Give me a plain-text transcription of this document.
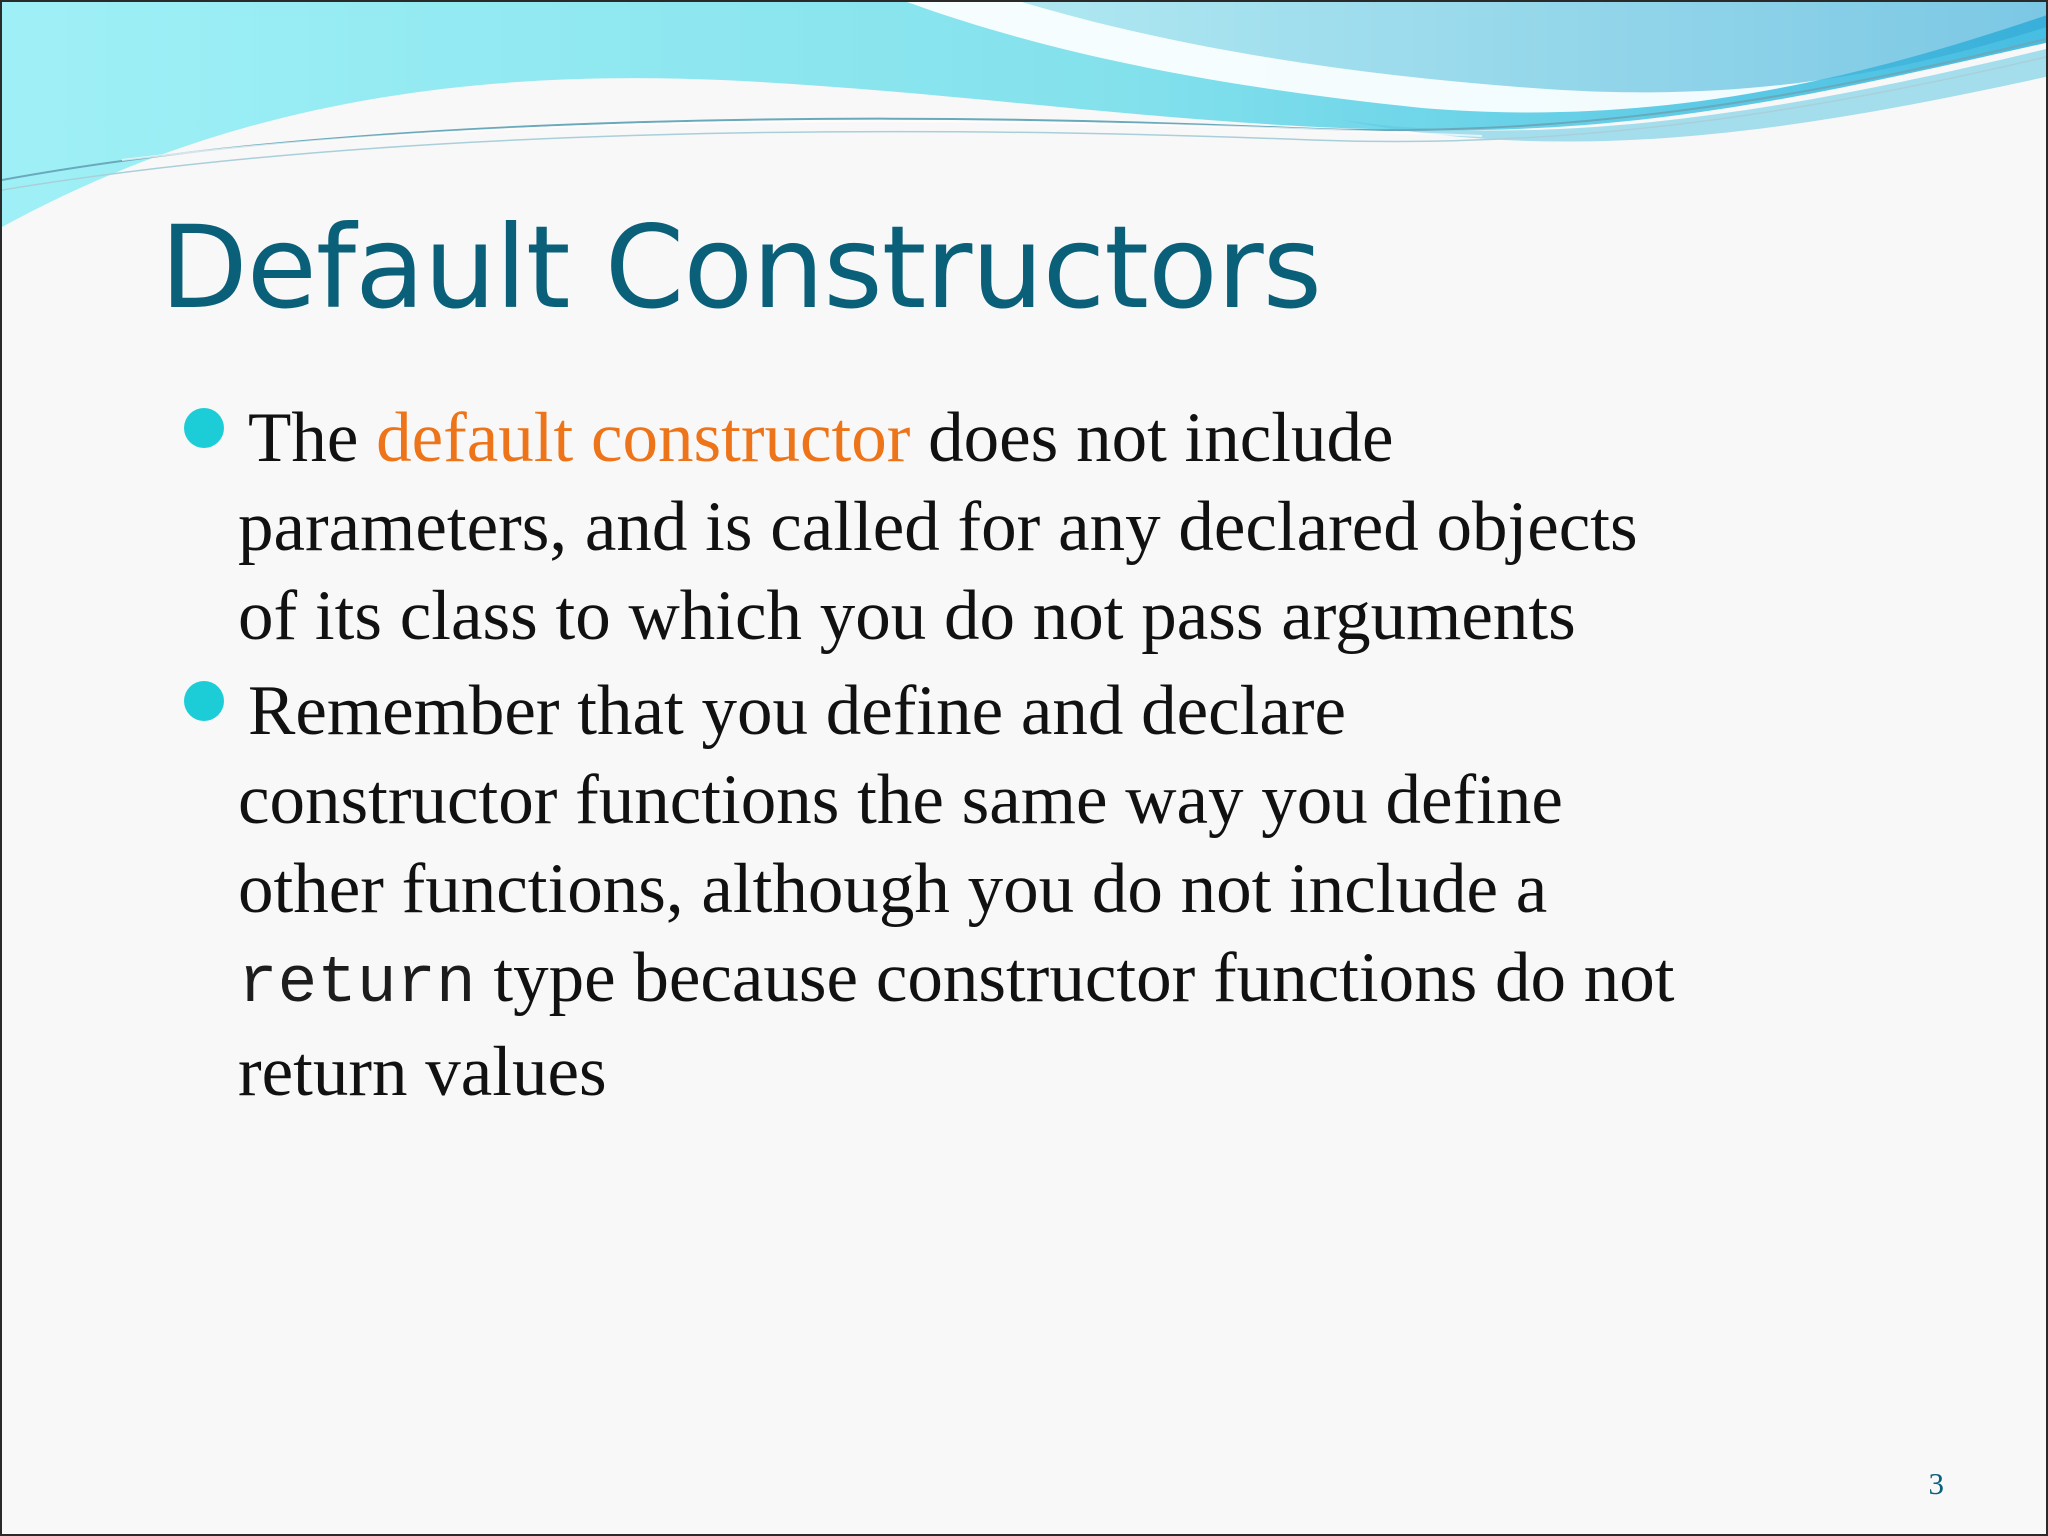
Default Constructors
The default constructor does not include
parameters, and is called for any declared objects
of its class to which you do not pass arguments
Remember that you define and declare
constructor functions the same way you define
other functions, although you do not include a
return type because constructor functions do not
return values
3
